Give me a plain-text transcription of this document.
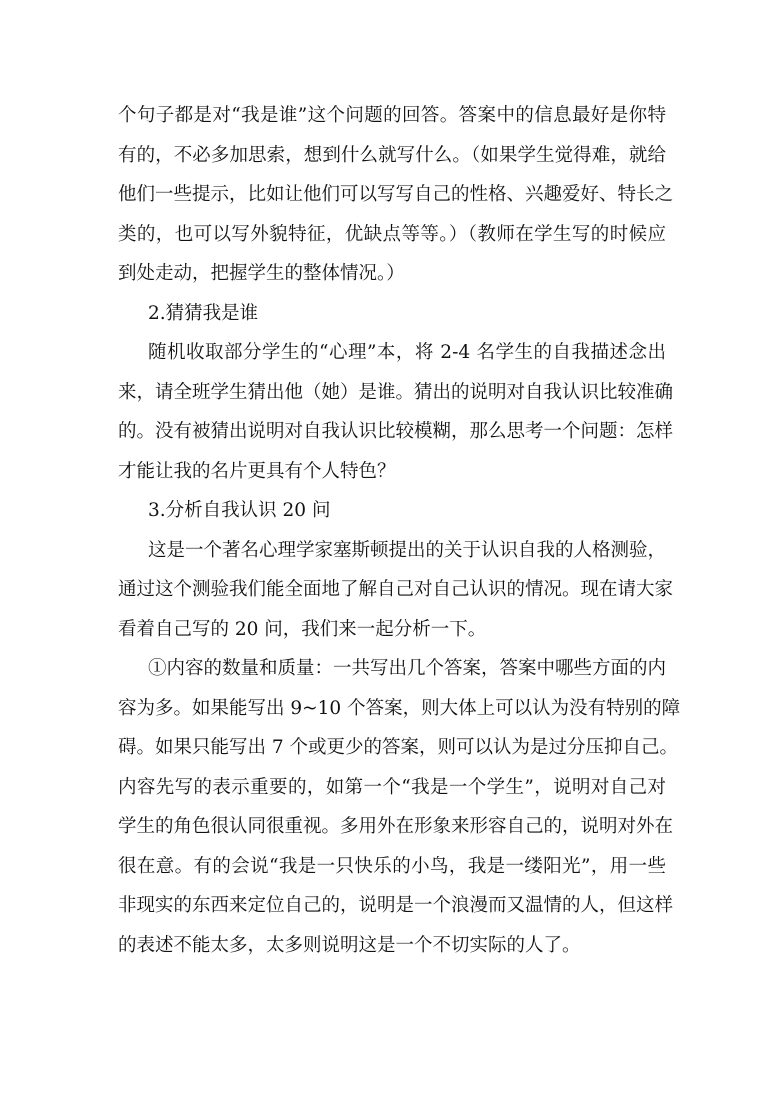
个句子都是对“我是谁”这个问题的回答。答案中的信息最好是你特
有的，不必多加思索，想到什么就写什么。（如果学生觉得难，就给
他们一些提示，比如让他们可以写写自己的性格、兴趣爱好、特长之
类的，也可以写外貌特征，优缺点等等。）（教师在学生写的时候应
到处走动，把握学生的整体情况。）
2.猜猜我是谁
随机收取部分学生的“心理”本，将 2-4 名学生的自我描述念出
来，请全班学生猜出他（她）是谁。猜出的说明对自我认识比较准确
的。没有被猜出说明对自我认识比较模糊，那么思考一个问题：怎样
才能让我的名片更具有个人特色？
3.分析自我认识 20 问
这是一个著名心理学家塞斯顿提出的关于认识自我的人格测验，
通过这个测验我们能全面地了解自己对自己认识的情况。现在请大家
看着自己写的 20 问，我们来一起分析一下。
①内容的数量和质量：一共写出几个答案，答案中哪些方面的内
容为多。如果能写出 9~10 个答案，则大体上可以认为没有特别的障
碍。如果只能写出 7 个或更少的答案，则可以认为是过分压抑自己。
内容先写的表示重要的，如第一个“我是一个学生”，说明对自己对
学生的角色很认同很重视。多用外在形象来形容自己的，说明对外在
很在意。有的会说“我是一只快乐的小鸟，我是一缕阳光”，用一些
非现实的东西来定位自己的，说明是一个浪漫而又温情的人，但这样
的表述不能太多，太多则说明这是一个不切实际的人了。
